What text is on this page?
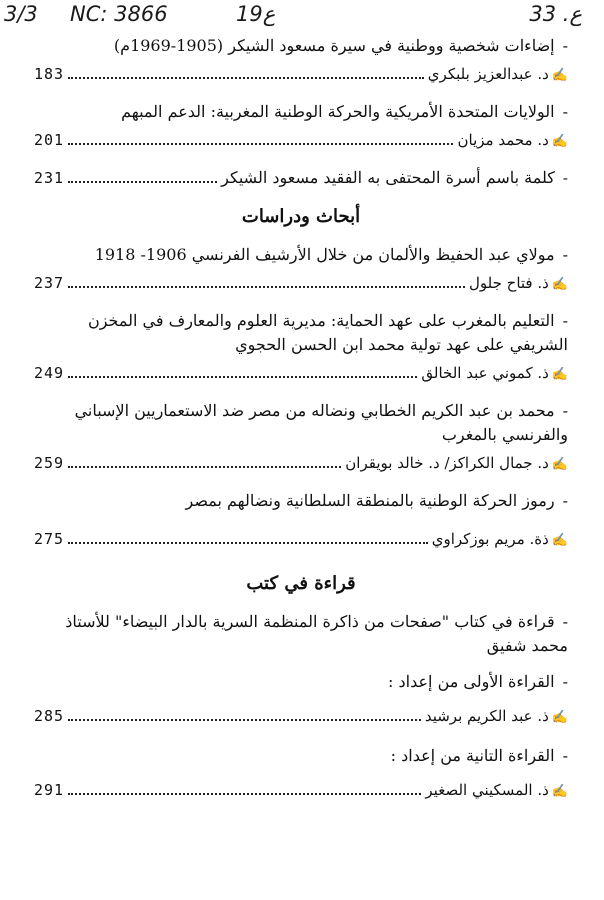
3/3 NC: 3866	ع19	ع. 33
-إضاءات شخصية ووطنية في سيرة مسعود الشيكر (1905-1969م)
✍
د. عبدالعزيز بلبكري
183
-الولايات المتحدة الأمريكية والحركة الوطنية المغربية: الدعم المبهم
✍
د. محمد مزيان
201
-
كلمة باسم أسرة المحتفى به الفقيد مسعود الشيكر
231
أبحاث ودراسات
-مولاي عبد الحفيظ والألمان من خلال الأرشيف الفرنسي 1906- 1918
✍
ذ. فتاح جلول
237
-التعليم بالمغرب على عهد الحماية: مديرية العلوم والمعارف في المخزن الشريفي على عهد تولية محمد ابن الحسن الحجوي
✍
ذ. كموني عبد الخالق
249
-محمد بن عبد الكريم الخطابي ونضاله من مصر ضد الاستعماريين الإسباني والفرنسي بالمغرب
✍
د. جمال الكراكز/ د. خالد بويقران
259
-رموز الحركة الوطنية بالمنطقة السلطانية ونضالهم بمصر
✍
ذة. مريم بوزكراوي
275
قراءة في كتب
-قراءة في كتاب "صفحات من ذاكرة المنظمة السرية بالدار البيضاء" للأستاذ محمد شفيق
-القراءة الأولى من إعداد :
✍
ذ. عبد الكريم برشيد
285
-القراءة التانية من إعداد :
✍
ذ. المسكيني الصغير
291
